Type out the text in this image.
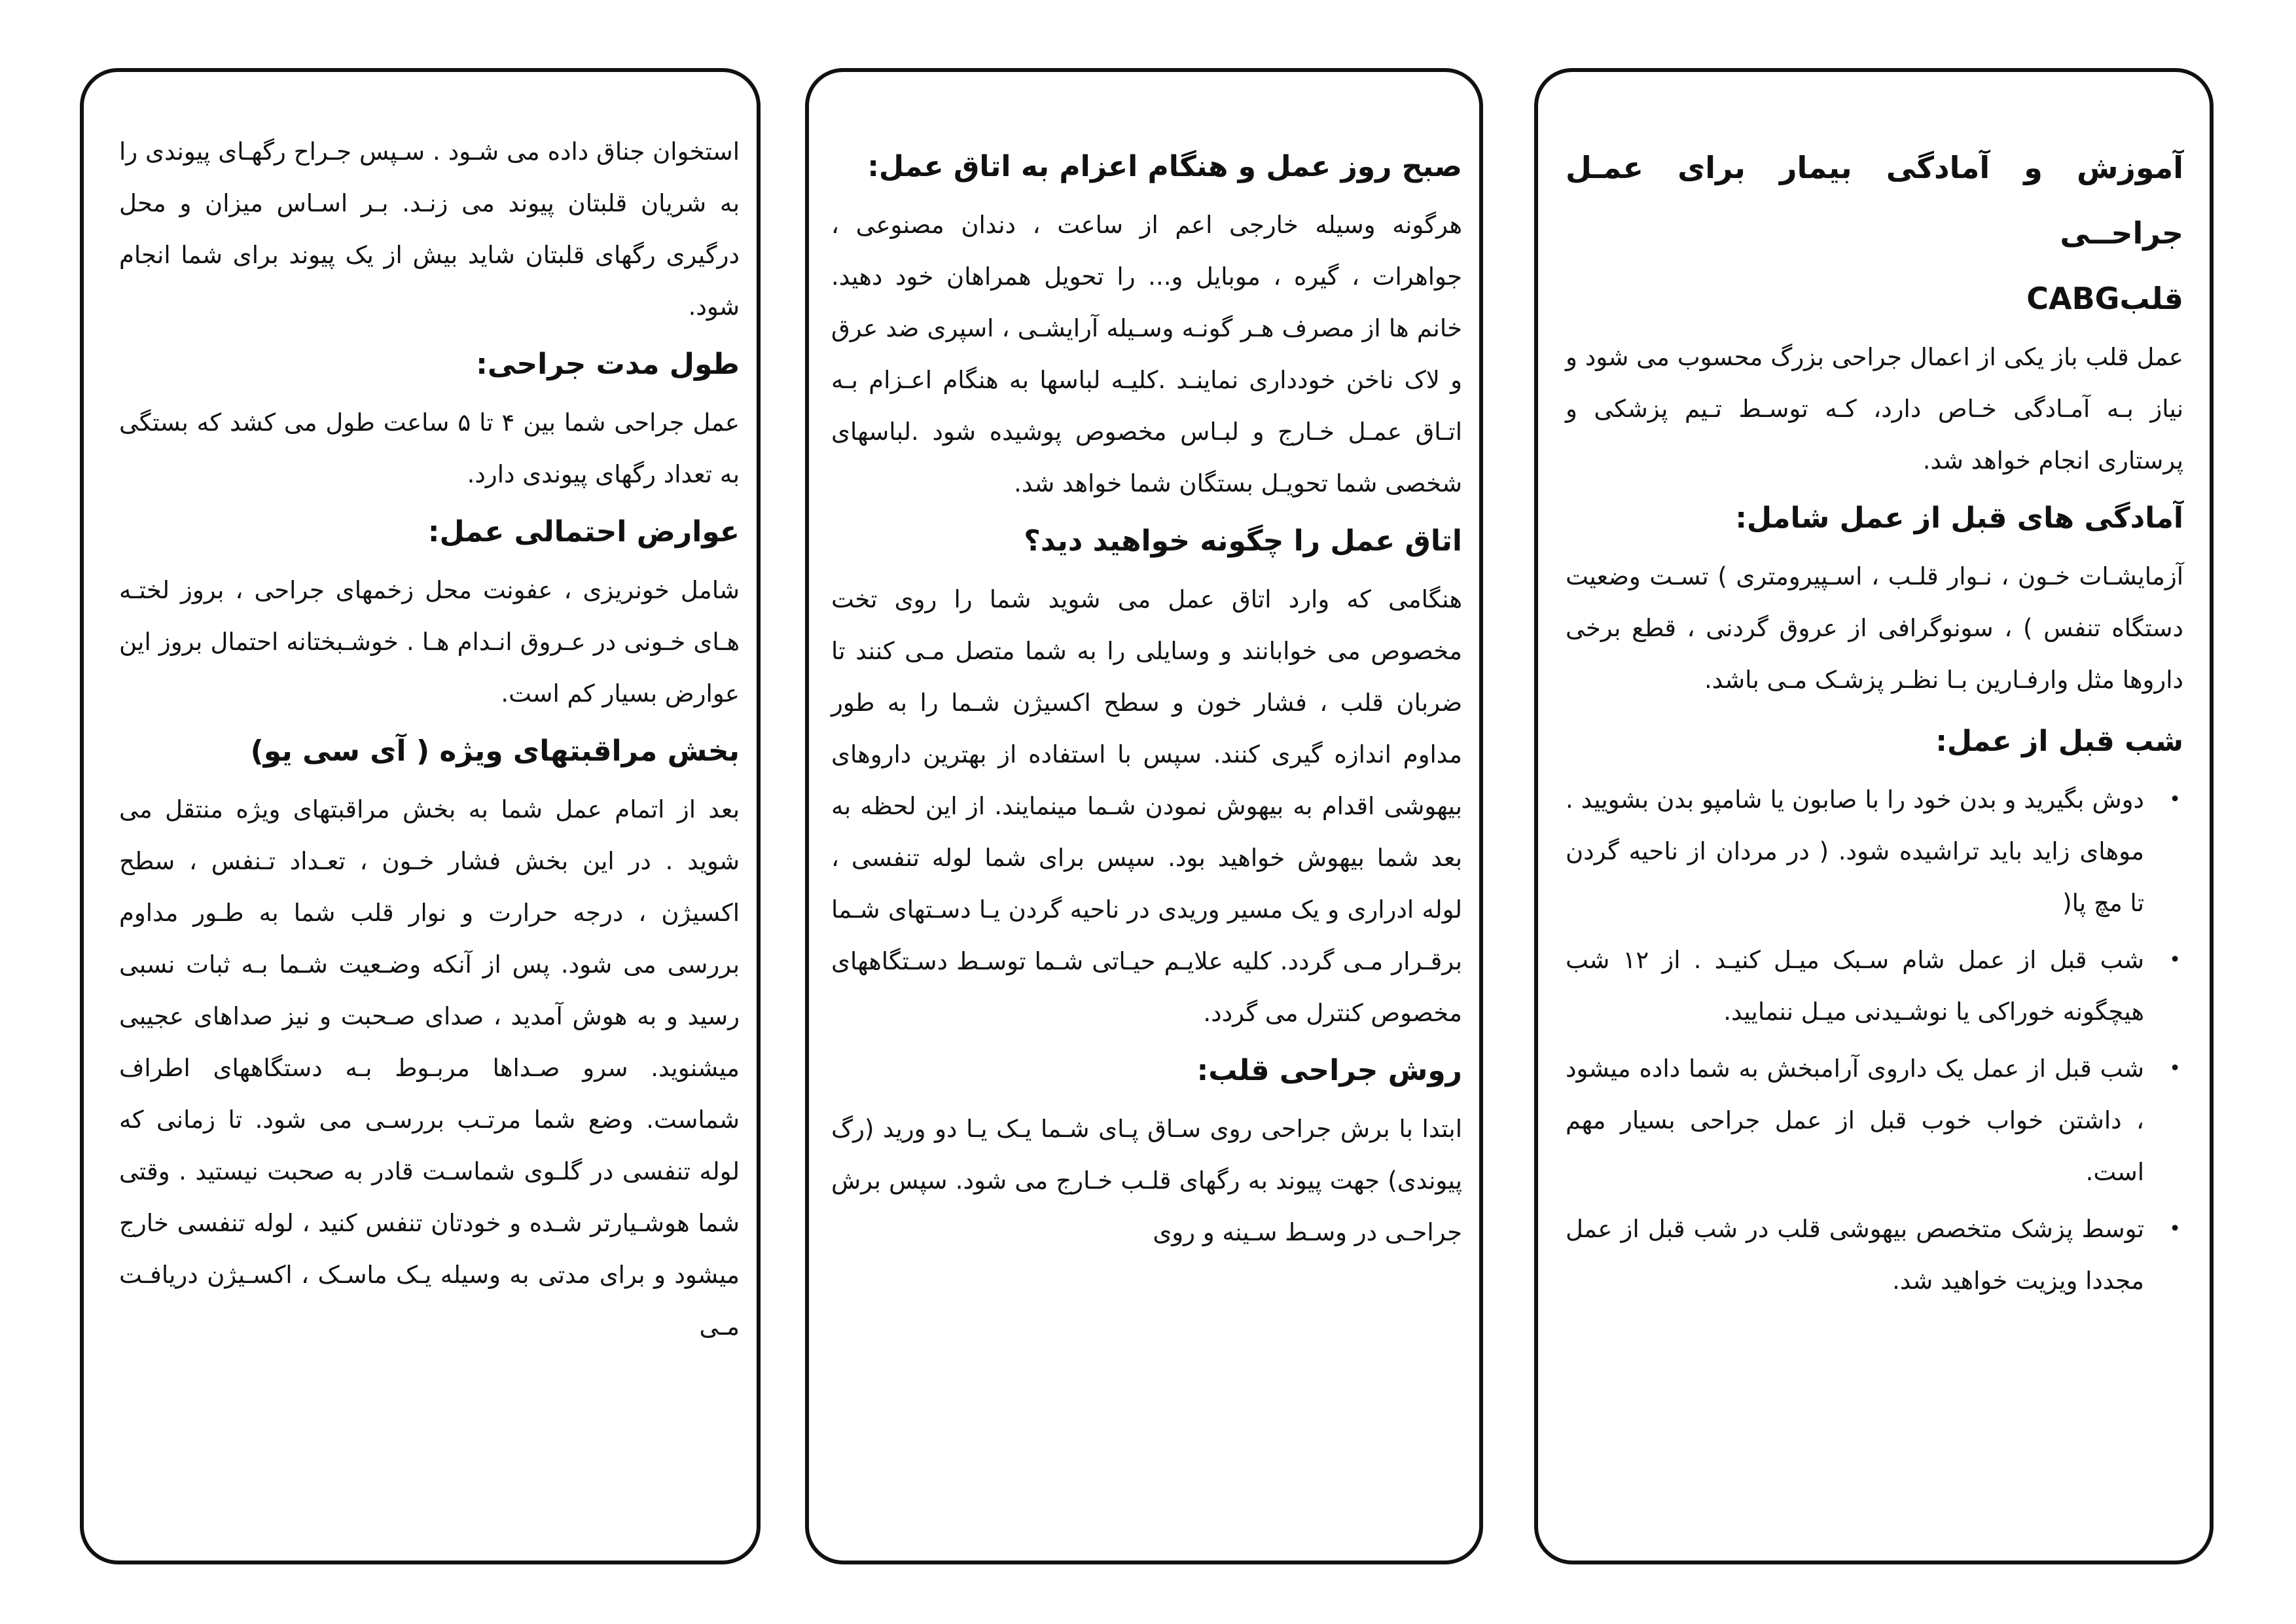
آموزش و آمادگی بیمار برای عمـل جراحــی
قلبCABG

عمل قلب باز یکی از اعمال جراحی بزرگ محسوب می شود و نیاز بـه آمـادگی خـاص دارد، کـه توسـط تـیم پزشکی و پرستاری انجام خواهد شد.

آمادگی های قبل از عمل شامل:

آزمایشـات خـون ، نـوار قلـب ، اسـپیرومتری ) تسـت وضعیت دستگاه تنفس ) ، سونوگرافی از عروق گردنی ، قطع برخی داروها مثل وارفـارین بـا نظـر پزشـک مـی باشد.

شب قبل از عمل:
•
دوش بگیرید و بدن خود را با صابون یا شامپو بدن بشویید . موهای زاید باید تراشیده شود. ( در مردان از ناحیه گردن تا مچ پا(
•
شب قبل از عمل شام سـبک میـل کنیـد . از ۱۲ شب هیچگونه خوراکی یا نوشـیدنی میـل ننمایید.
•
شب قبل از عمل یک داروی آرامبخش به شما داده میشود ، داشتن خواب خوب قبل از عمل جراحی بسیار مهم است.
•
توسط پزشک متخصص بیهوشی قلب در شب قبل از عمل مجددا ویزیت خواهید شد.
صبح روز عمل و هنگام اعزام به اتاق عمل:

هرگونه وسیله خارجی اعم از ساعت ، دندان مصنوعی ، جواهرات ، گیره ، موبایل و... را تحویل همراهان خود دهید. خانم ها از مصرف هـر گونـه وسـیله آرایشـی ، اسپری ضد عرق و لاک ناخن خودداری نماینـد .کلیـه لباسها به هنگام اعـزام بـه اتـاق عمـل خـارج و لبـاس مخصوص پوشیده شود .لباسهای شخصی شما تحویـل بستگان شما خواهد شد.

اتاق عمل را چگونه خواهید دید؟

هنگامی که وارد اتاق عمل می شوید شما را روی تخت مخصوص می خوابانند و وسایلی را به شما متصل مـی کنند تا ضربان قلب ، فشار خون و سطح اکسیژن شـما را به طور مداوم اندازه گیری کنند. سپس با استفاده از بهترین داروهای بیهوشی اقدام به بیهوش نمودن شـما مینمایند. از این لحظه به بعد شما بیهوش خواهید بود. سپس برای شما لوله تنفسی ، لوله ادراری و یک مسیر وریدی در ناحیه گردن یـا دسـتهای شـما برقـرار مـی گردد. کلیه علایـم حیـاتی شـما توسـط دسـتگاههای مخصوص کنترل می گردد.

روش جراحی قلب:

ابتدا با برش جراحی روی سـاق پـای شـما یـک یـا دو ورید (رگ پیوندی) جهت پیوند به رگهای قلـب خـارج می شود. سپس برش جراحـی در وسـط سـینه و روی

استخوان جناق داده می شـود . سـپس جـراح رگهـای پیوندی را به شریان قلبتان پیوند می زنـد. بـر اسـاس میزان و محل درگیری رگهای قلبتان شاید بیش از یک پیوند برای شما انجام شود.

طول مدت جراحی:

عمل جراحی شما بین ۴ تا ۵ ساعت طول می کشد که بستگی به تعداد رگهای پیوندی دارد.

عوارض احتمالی عمل:

شامل خونریزی ، عفونت محل زخمهای جراحی ، بروز لختـه هـای خـونی در عـروق انـدام هـا . خوشـبختانه احتمال بروز این عوارض بسیار کم است.

بخش مراقبتهای ویژه ( آی سی یو)

بعد از اتمام عمل شما به بخش مراقبتهای ویژه منتقل می شوید . در این بخش فشار خـون ، تعـداد تـنفس ، سطح اکسیژن ، درجه حرارت و نوار قلب شما به طـور مداوم بررسی می شود. پس از آنکه وضـعیت شـما بـه ثبات نسبی رسید و به هوش آمدید ، صدای صـحبت و نیز صداهای عجیبی میشنوید. سرو صـداها مربـوط بـه دستگاههای اطراف شماست. وضع شما مرتـب بررسـی می شود. تا زمانی که لوله تنفسی در گلـوی شماسـت قادر به صحبت نیستید . وقتی شما هوشـیارتر شـده و خودتان تنفس کنید ، لوله تنفسی خارج میشود و برای مدتی به وسیله یـک ماسـک ، اکسـیژن دریافـت مـی
